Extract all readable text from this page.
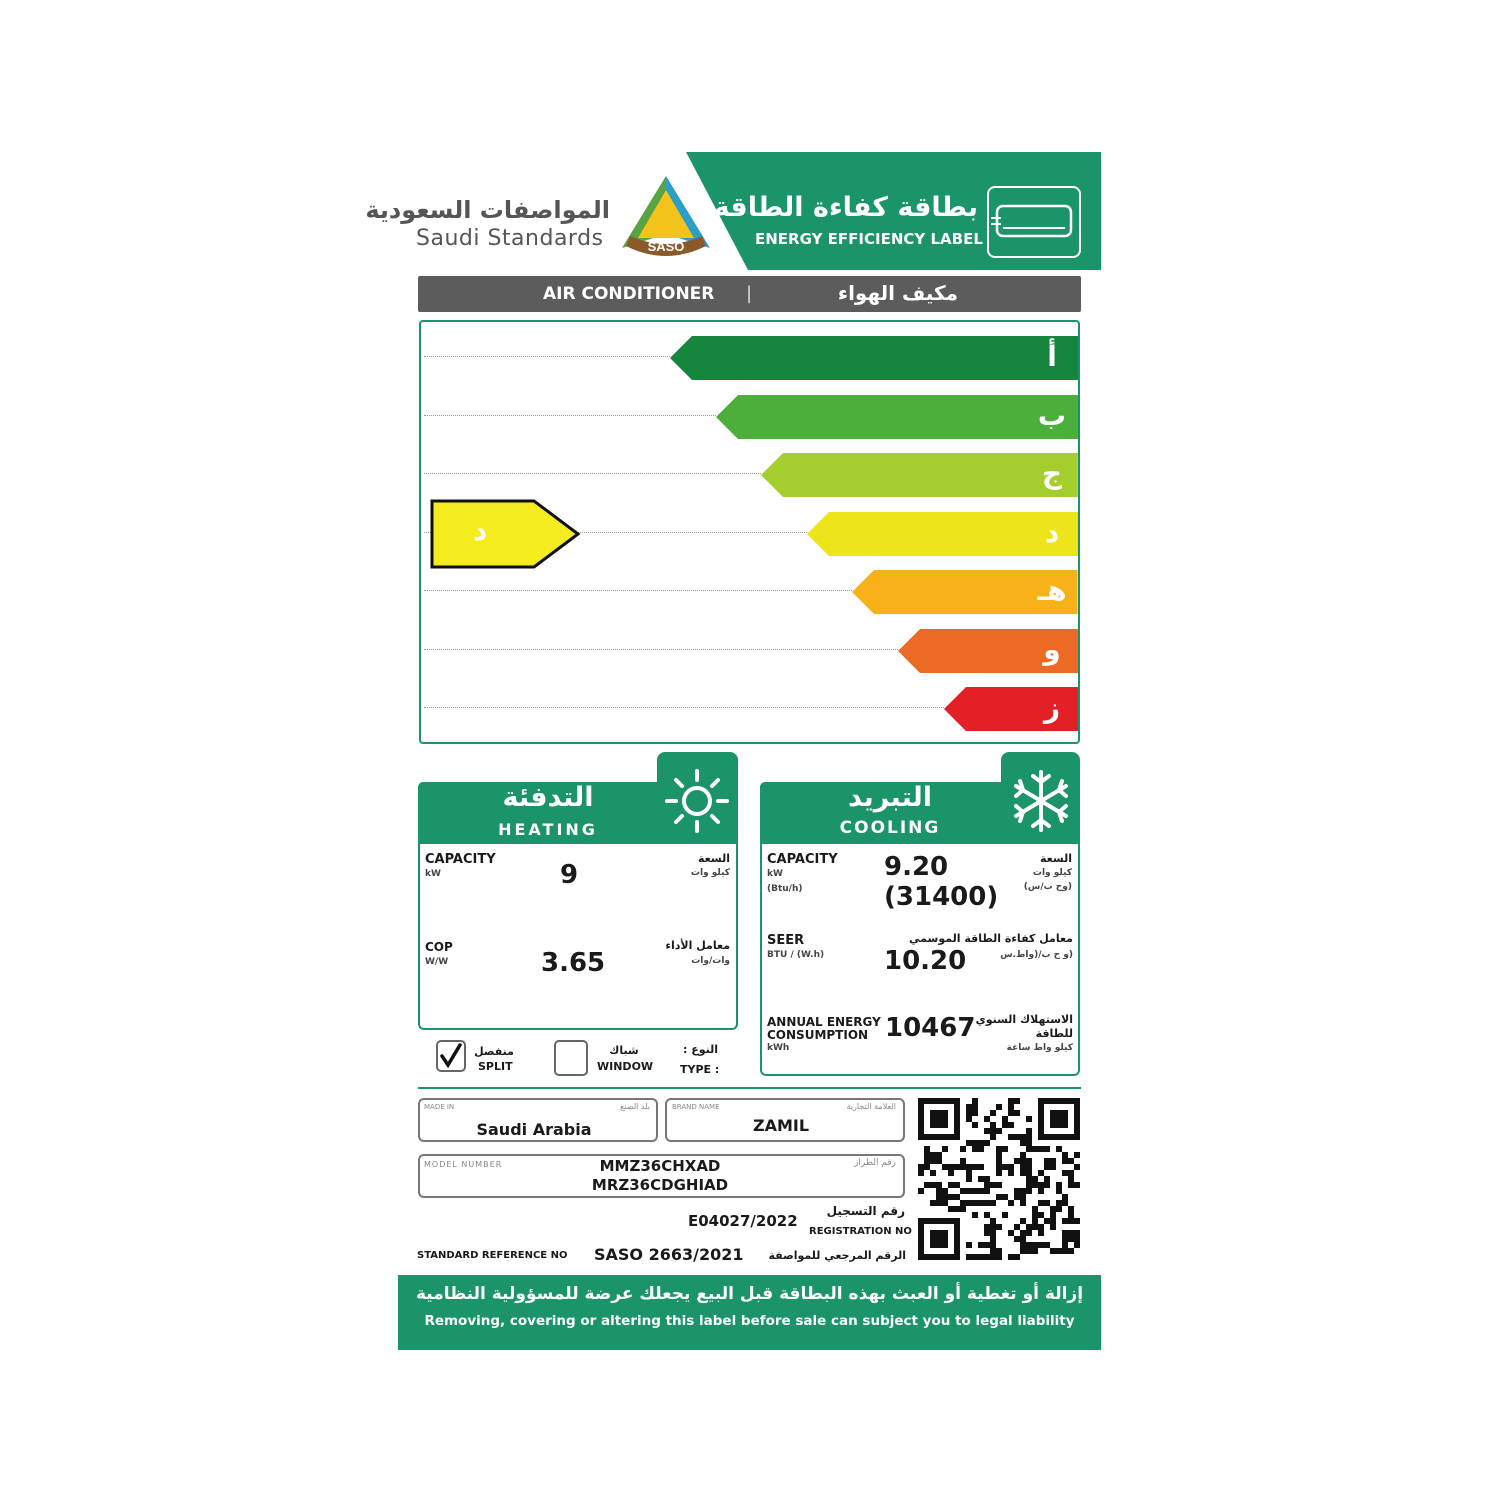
المواصفات السعودية
Saudi Standards	SASO
بطاقة كفاءة الطاقة
ENERGY EFFICIENCY LABEL
AIR CONDITIONER |	مكيف الهواء
أ
ب
ج
د
هـ
و
ز
د
التدفئة
HEATING
CAPACITY
kW	9
السعة
كيلو وات
COP
W/W	3.65
معامل الأداء
وات/وات
التبريد
COOLING
CAPACITY
kW
(Btu/h)
9.20
(31400)
السعة
كيلو وات
(وح ب/س)
SEER
BTU / (W.h) 10.20
معامل كفاءة الطاقة الموسمي
(و ح ب/(واط.س
ANNUAL ENERGY
CONSUMPTION
kWh
10467 الاستهلاك السنوي
للطاقة
كيلو واط ساعة
منفصل
SPLIT
شباك
WINDOW
النوع :
TYPE :
MADE IN	بلد الصنع
Saudi Arabia
BRAND NAME	العلامة التجارية
ZAMIL
MODEL NUMBER	رقم الطراز
MMZ36CHXAD
MRZ36CDGHIAD
E04027/2022
رقم التسجيل
REGISTRATION NO
STANDARD REFERENCE NO SASO 2663/2021	الرقم المرجعي للمواصفة
إزالة أو تغطية أو العبث بهذه البطاقة قبل البيع يجعلك عرضة للمسؤولية النظامية
Removing, covering or altering this label before sale can subject you to legal liability
